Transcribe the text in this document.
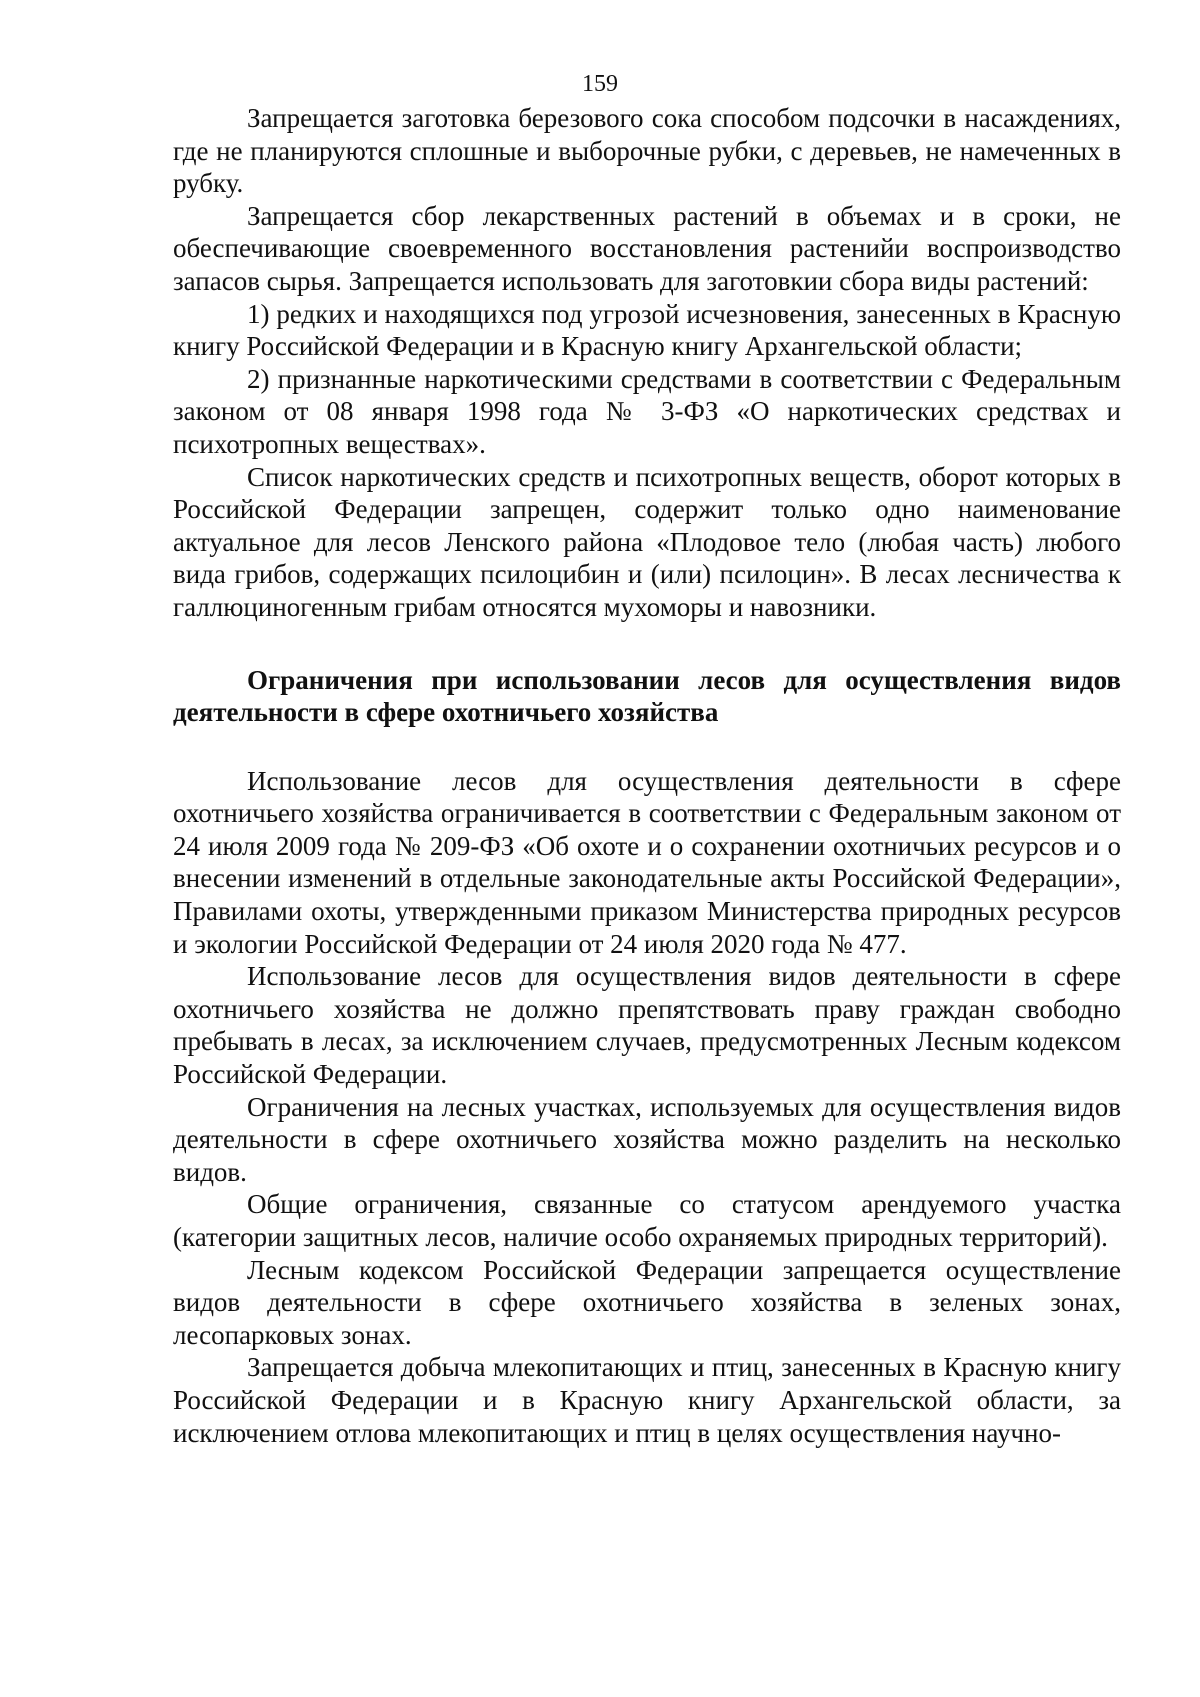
159

Запрещается заготовка березового сока способом подсочки в насаждениях, где не планируются сплошные и выборочные рубки, с деревьев, не намеченных в рубку.

Запрещается сбор лекарственных растений в объемах и в сроки, не обеспечивающие своевременного восстановления растенийи воспроизводство запасов сырья. Запрещается использовать для заготовкии сбора виды растений:

1) редких и находящихся под угрозой исчезновения, занесенных в Красную книгу Российской Федерации и в Красную книгу Архангельской области;

2) признанные наркотическими средствами в соответствии с Федеральным законом от 08 января 1998 года № 3-ФЗ «О наркотических средствах и психотропных веществах».

Список наркотических средств и психотропных веществ, оборот которых в Российской Федерации запрещен, содержит только одно наименование актуальное для лесов Ленского района «Плодовое тело (любая часть) любого вида грибов, содержащих псилоцибин и (или) псилоцин». В лесах лесничества к галлюциногенным грибам относятся мухоморы и навозники.

Ограничения при использовании лесов для осуществления видов деятельности в сфере охотничьего хозяйства

Использование лесов для осуществления деятельности в сфере охотничьего хозяйства ограничивается в соответствии с Федеральным законом от 24 июля 2009 года № 209-ФЗ «Об охоте и о сохранении охотничьих ресурсов и о внесении изменений в отдельные законодательные акты Российской Федерации», Правилами охоты, утвержденными приказом Министерства природных ресурсов и экологии Российской Федерации от 24 июля 2020 года № 477.

Использование лесов для осуществления видов деятельности в сфере охотничьего хозяйства не должно препятствовать праву граждан свободно пребывать в лесах, за исключением случаев, предусмотренных Лесным кодексом Российской Федерации.

Ограничения на лесных участках, используемых для осуществления видов деятельности в сфере охотничьего хозяйства можно разделить на несколько видов.

Общие ограничения, связанные со статусом арендуемого участка (категории защитных лесов, наличие особо охраняемых природных территорий).

Лесным кодексом Российской Федерации запрещается осуществление видов деятельности в сфере охотничьего хозяйства в зеленых зонах, лесопарковых зонах.

Запрещается добыча млекопитающих и птиц, занесенных в Красную книгу Российской Федерации и в Красную книгу Архангельской области, за исключением отлова млекопитающих и птиц в целях осуществления научно-
